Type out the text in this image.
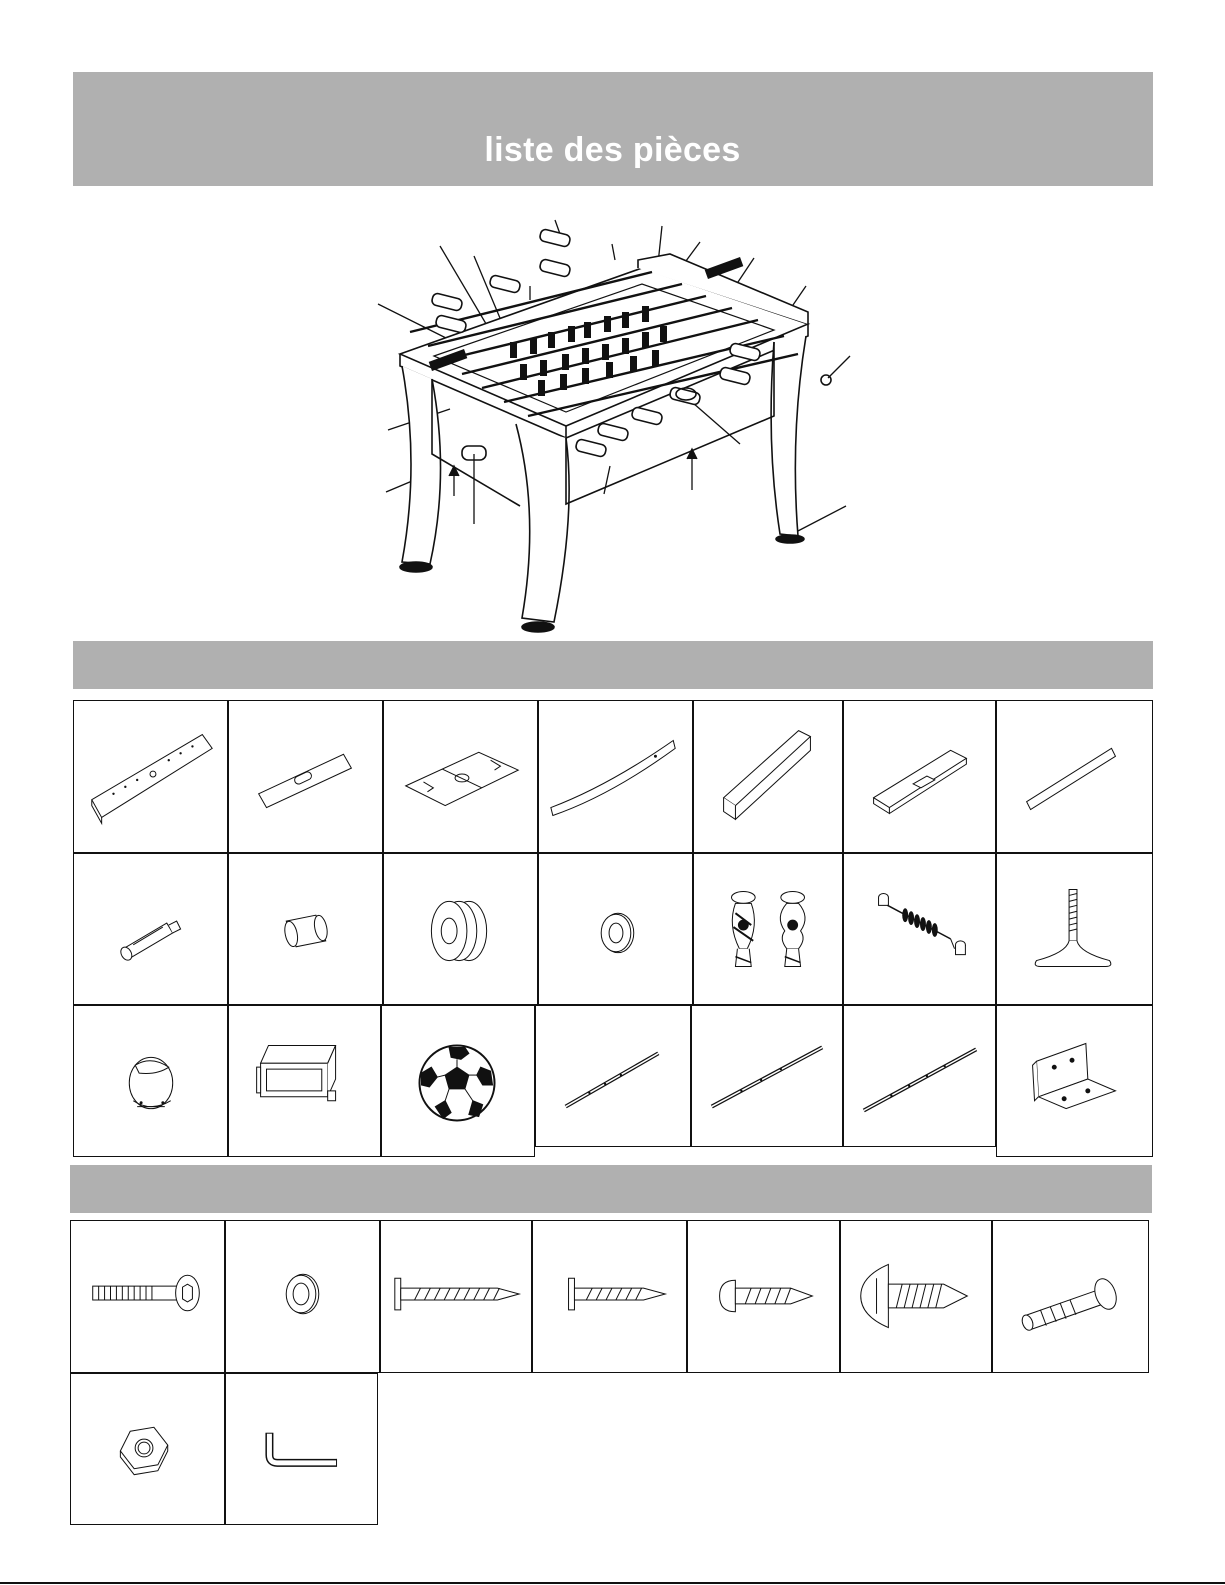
liste des pièces
